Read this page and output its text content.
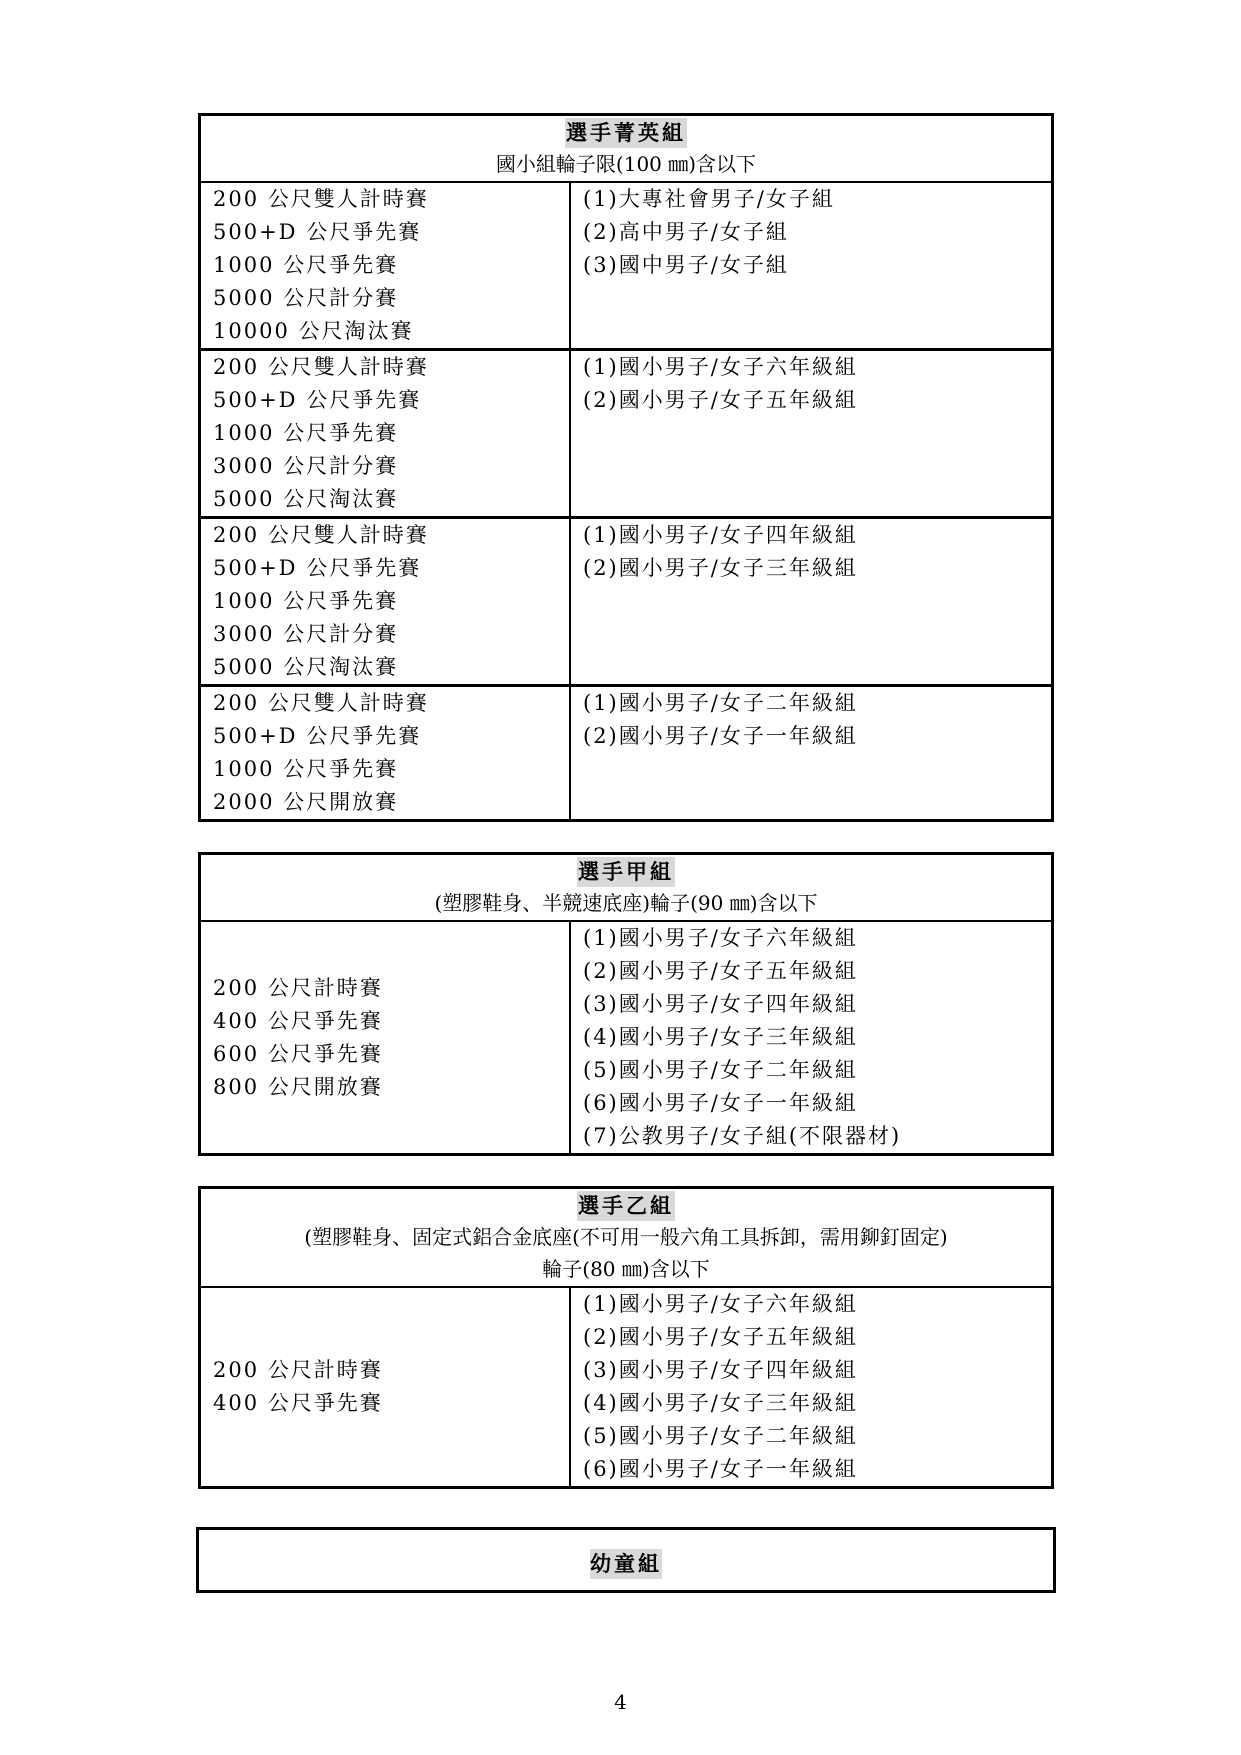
選手菁英組
國小組輪子限(100 ㎜)含以下
200 公尺雙人計時賽
500+D 公尺爭先賽
1000 公尺爭先賽
5000 公尺計分賽
10000 公尺淘汰賽
(1)大專社會男子/女子組
(2)高中男子/女子組
(3)國中男子/女子組
200 公尺雙人計時賽
500+D 公尺爭先賽
1000 公尺爭先賽
3000 公尺計分賽
5000 公尺淘汰賽
(1)國小男子/女子六年級組
(2)國小男子/女子五年級組
200 公尺雙人計時賽
500+D 公尺爭先賽
1000 公尺爭先賽
3000 公尺計分賽
5000 公尺淘汰賽
(1)國小男子/女子四年級組
(2)國小男子/女子三年級組
200 公尺雙人計時賽
500+D 公尺爭先賽
1000 公尺爭先賽
2000 公尺開放賽
(1)國小男子/女子二年級組
(2)國小男子/女子一年級組
選手甲組
(塑膠鞋身、半競速底座)輪子(90 ㎜)含以下
200 公尺計時賽
400 公尺爭先賽
600 公尺爭先賽
800 公尺開放賽
(1)國小男子/女子六年級組
(2)國小男子/女子五年級組
(3)國小男子/女子四年級組
(4)國小男子/女子三年級組
(5)國小男子/女子二年級組
(6)國小男子/女子一年級組
(7)公教男子/女子組(不限器材)
選手乙組
(塑膠鞋身、固定式鋁合金底座(不可用一般六角工具拆卸，需用鉚釘固定)
輪子(80 ㎜)含以下
200 公尺計時賽
400 公尺爭先賽
(1)國小男子/女子六年級組
(2)國小男子/女子五年級組
(3)國小男子/女子四年級組
(4)國小男子/女子三年級組
(5)國小男子/女子二年級組
(6)國小男子/女子一年級組
幼童組
4
